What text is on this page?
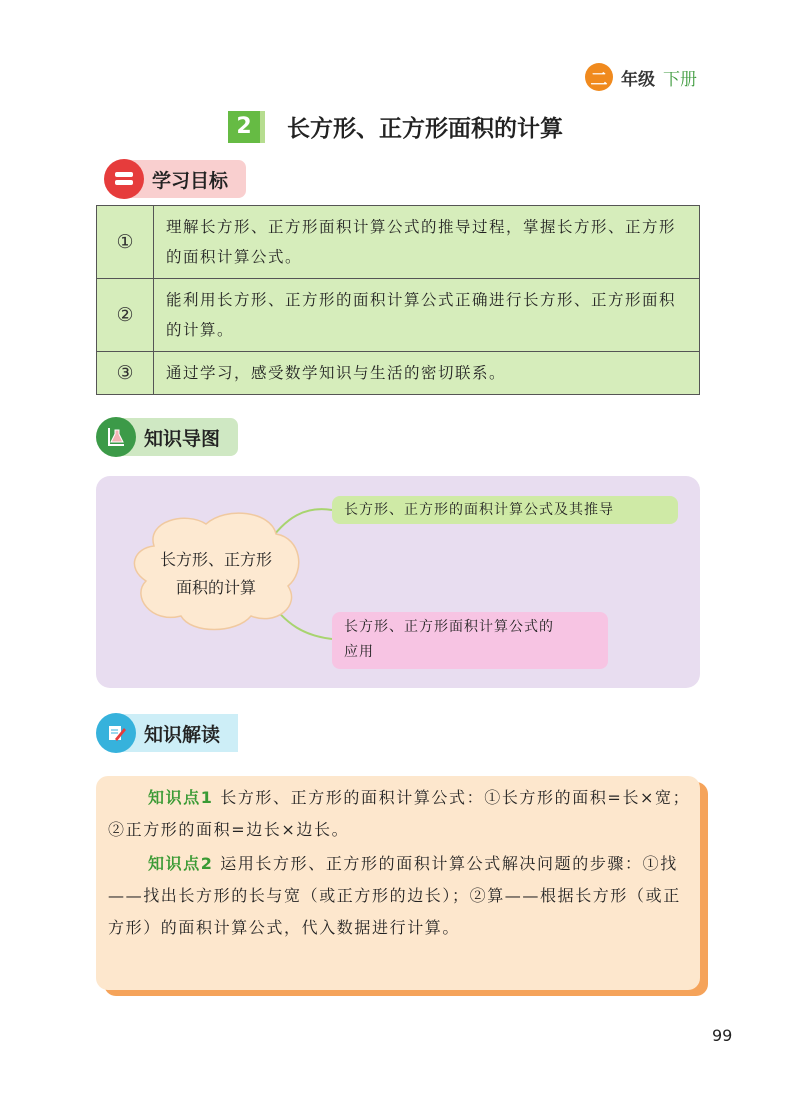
二 年级 下册
2	长方形、正方形面积的计算
学习目标
①	理解长方形、正方形面积计算公式的推导过程，掌握长方形、正方形的面积计算公式。
②	能利用长方形、正方形的面积计算公式正确进行长方形、正方形面积的计算。
③	通过学习，感受数学知识与生活的密切联系。
知识导图
长方形、正方形
面积的计算
长方形、正方形的面积计算公式及其推导
长方形、正方形面积计算公式的
应用
知识解读
知识点1 长方形、正方形的面积计算公式：①长方形的面积=长×宽；②正方形的面积=边长×边长。
知识点2 运用长方形、正方形的面积计算公式解决问题的步骤：①找——找出长方形的长与宽（或正方形的边长）；②算——根据长方形（或正方形）的面积计算公式，代入数据进行计算。
99
